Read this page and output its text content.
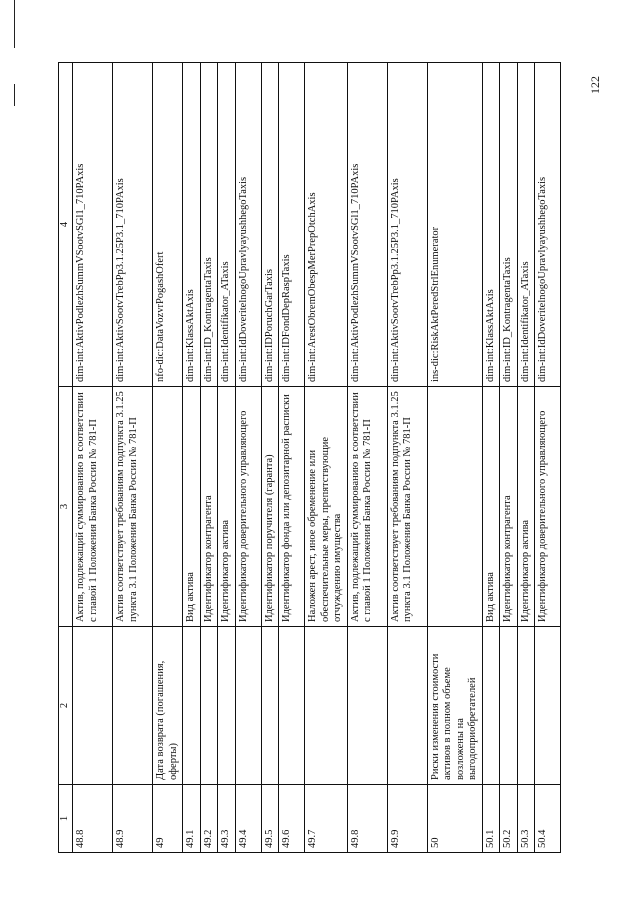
122
1	2	3	4
48.8		Актив, подлежащий суммированию в соответствии с главой 1 Положения Банка России № 781-П	dim-int:AktivPodlezhSummVSootvSGl1_710PAxis
48.9		Актив соответствует требованиям подпункта 3.1.25 пункта 3.1 Положения Банка России № 781-П	dim-int:AktivSootvTrebPp3.1.25P3.1_710PAxis
49	Дата возврата (погашения, оферты)		nfo-dic:DataVozvrPogashOfert
49.1		Вид актива	dim-int:KlassAktAxis
49.2		Идентификатор контрагента	dim-int:ID_KontragentaTaxis
49.3		Идентификатор актива	dim-int:Identifikator_ATaxis
49.4		Идентификатор доверительного управляющего	dim-int:IdDoveritelnogoUpravlyayushhegoTaxis
49.5		Идентификатор поручителя (гаранта)	dim-int:IDPoruchGarTaxis
49.6		Идентификатор фонда или депозитарной расписки	dim-int:IDFondDepRaspTaxis
49.7		Наложен арест, иное обременение или обеспечительные меры, препятствующие отчуждению имущества	dim-int:ArestObremObespMerPrepOtchAxis
49.8		Актив, подлежащий суммированию в соответствии с главой 1 Положения Банка России № 781-П	dim-int:AktivPodlezhSummVSootvSGl1_710PAxis
49.9		Актив соответствует требованиям подпункта 3.1.25 пункта 3.1 Положения Банка России № 781-П	dim-int:AktivSootvTrebPp3.1.25P3.1_710PAxis
50	Риски изменения стоимости активов в полном объеме возложены на выгодоприобретателей		ins-dic:RiskAktPeredStrlEnumerator
50.1		Вид актива	dim-int:KlassAktAxis
50.2		Идентификатор контрагента	dim-int:ID_KontragentaTaxis
50.3		Идентификатор актива	dim-int:Identifikator_ATaxis
50.4		Идентификатор доверительного управляющего	dim-int:IdDoveritelnogoUpravlyayushhegoTaxis
